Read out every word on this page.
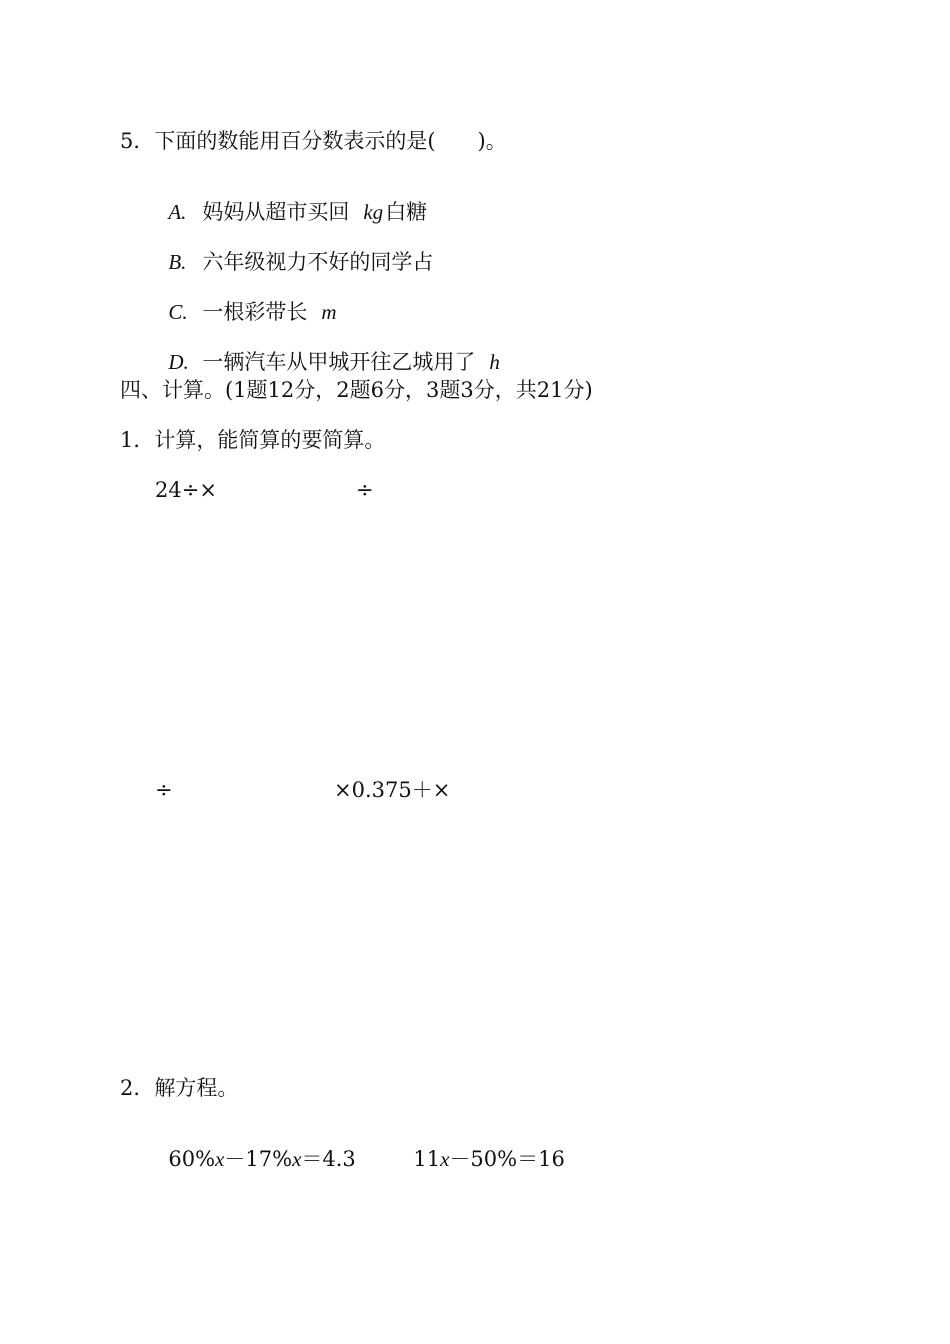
5．下面的数能用百分数表示的是(　　)。

A. 妈妈从超市买回 kg白糖

B. 六年级视力不好的同学占

C. 一根彩带长 m

D. 一辆汽车从甲城开往乙城用了 h

四、计算。(1题12分，2题6分，3题3分，共21分)
1．计算，能简算的要简算。
24÷×	÷
÷	×0.375＋×
2．解方程。

60%x－17%x＝4.3	11x－50%＝16
